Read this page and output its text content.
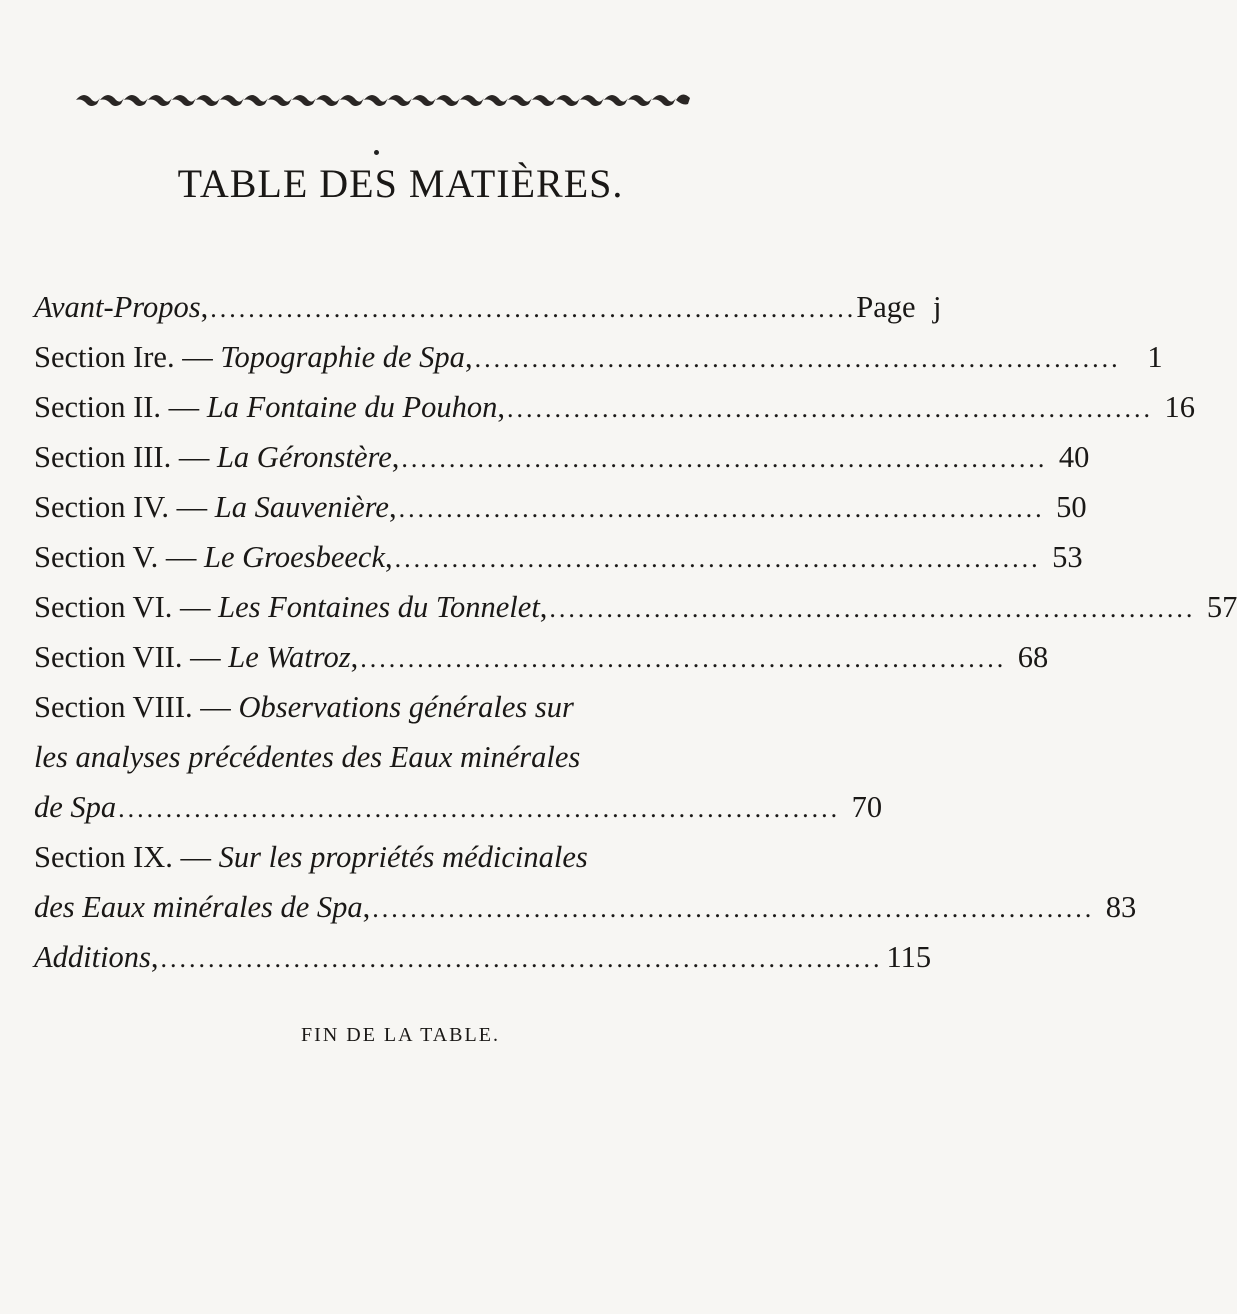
TABLE DES MATIÈRES.
Avant-Propos , .................................................................... Page j
Section Ire. —
Topographie de Spa , .................................................................... 1
Section II. —
La Fontaine du Pouhon , .................................................................... 16
Section III. —
La Géronstère , .................................................................... 40
Section IV. —
La Sauvenière , .................................................................... 50
Section V. —
Le Groesbeeck , .................................................................... 53
Section VI. —
Les Fontaines du Tonnelet , .................................................................... 57
Section VII. —
Le Watroz , .................................................................... 68
Section VIII. —
Observations générales sur
les analyses précédentes des Eaux minérales
de Spa ............................................................................ 70
Section IX. —
Sur les propriétés médicinales
des Eaux minérales de Spa , ............................................................................ 83
Additions , ............................................................................ 115
FIN DE LA TABLE.
